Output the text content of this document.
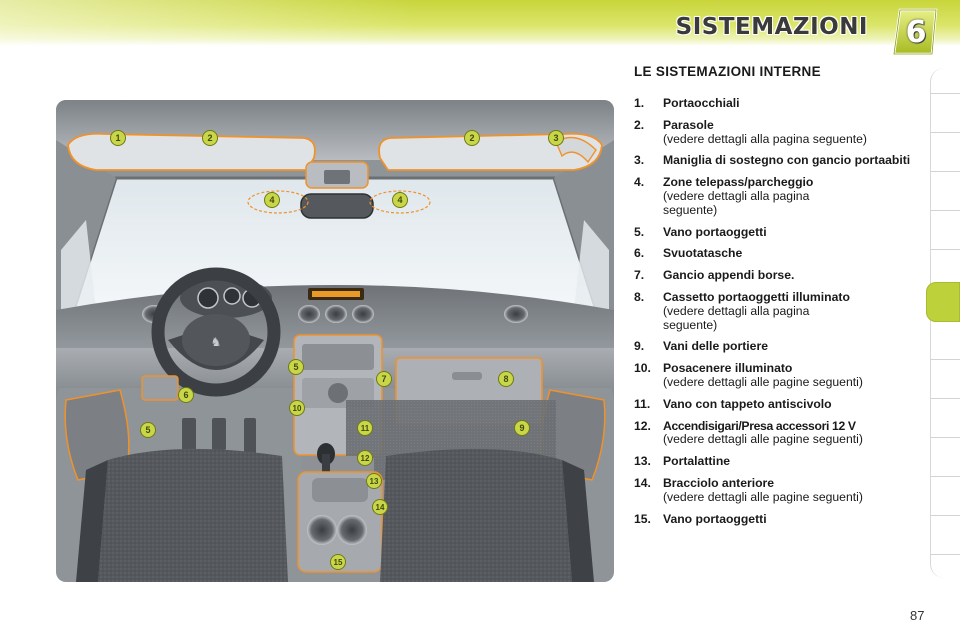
SISTEMAZIONI	6
♞
1	2	2	3
4	4
5
6
7	8
9
5
10
11
12
13
14
15
LE SISTEMAZIONI INTERNE
1. Portaocchiali
2. Parasole
(vedere dettagli alla pagina seguente)
3. Maniglia di sostegno con gancio portaabiti
4. Zone telepass/parcheggio
(vedere dettagli alla pagina seguente)
5. Vano portaoggetti
6. Svuotatasche
7. Gancio appendi borse.
8. Cassetto portaoggetti illuminato
(vedere dettagli alla pagina seguente)
9. Vani delle portiere
10. Posacenere illuminato
(vedere dettagli alle pagine seguenti)
11. Vano con tappeto antiscivolo
12. Accendisigari/Presa accessori 12 V
(vedere dettagli alle pagine seguenti)
13. Portalattine
14. Bracciolo anteriore
(vedere dettagli alle pagine seguenti)
15. Vano portaoggetti
87
